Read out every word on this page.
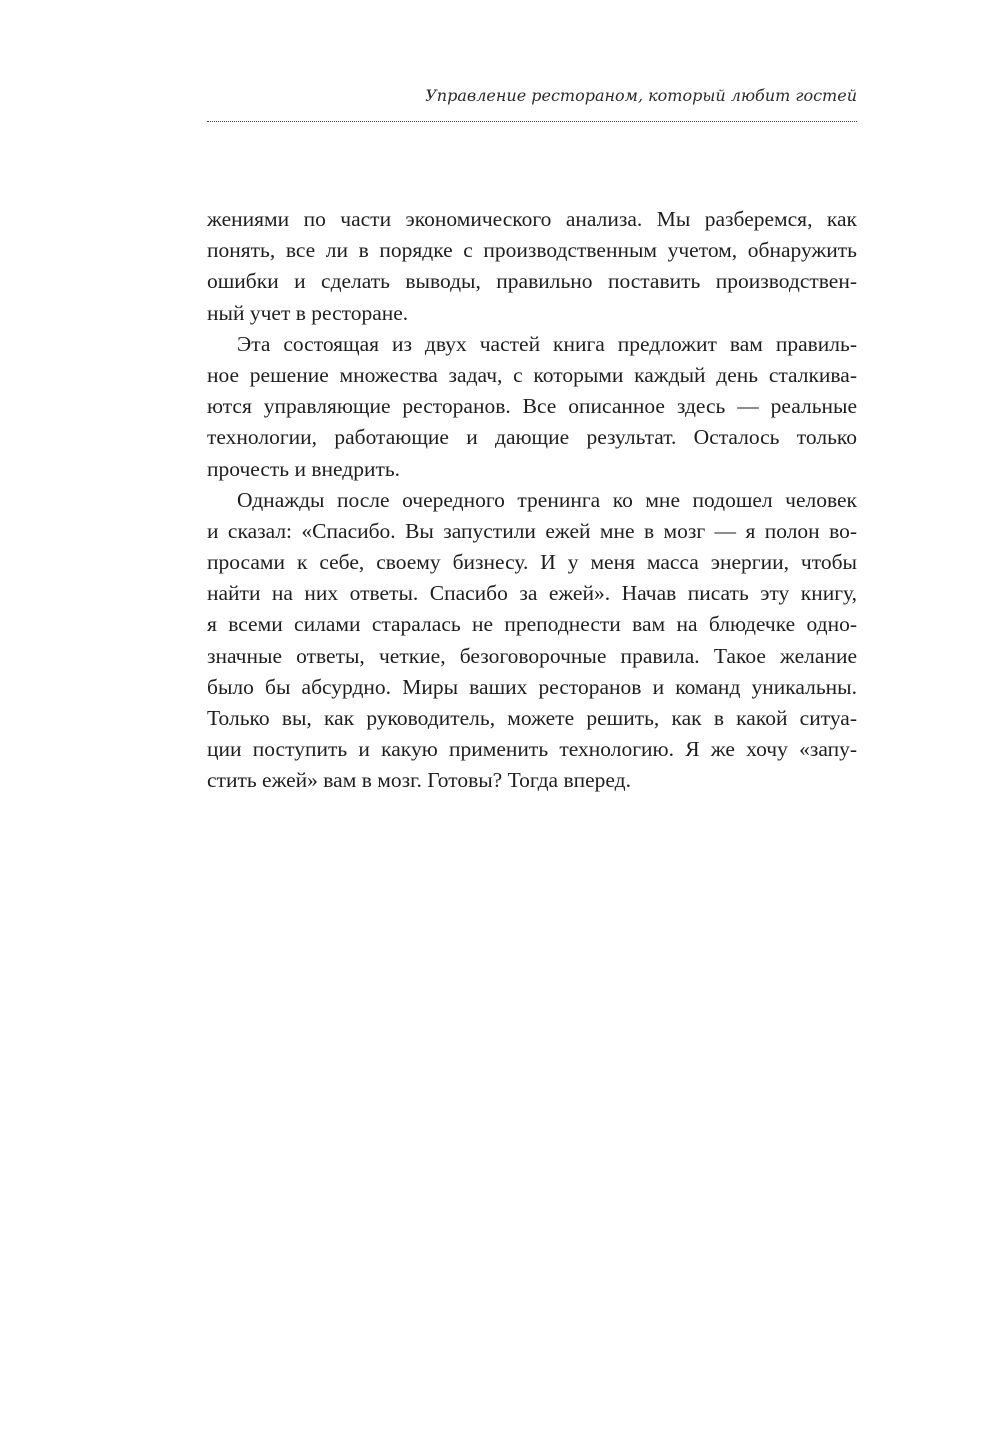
Управление рестораном, который любит гостей

жениями по части экономического анализа. Мы разберемся, как
понять, все ли в порядке с производственным учетом, обнаружить
ошибки и сделать выводы, правильно поставить производствен-
ный учет в ресторане.

Эта состоящая из двух частей книга предложит вам правиль-
ное решение множества задач, с которыми каждый день сталкива-
ются управляющие ресторанов. Все описанное здесь — реальные
технологии, работающие и дающие результат. Осталось только
прочесть и внедрить.

Однажды после очередного тренинга ко мне подошел человек
и сказал: «Спасибо. Вы запустили ежей мне в мозг — я полон во-
просами к себе, своему бизнесу. И у меня масса энергии, чтобы
найти на них ответы. Спасибо за ежей». Начав писать эту книгу,
я всеми силами старалась не преподнести вам на блюдечке одно-
значные ответы, четкие, безоговорочные правила. Такое желание
было бы абсурдно. Миры ваших ресторанов и команд уникальны.
Только вы, как руководитель, можете решить, как в какой ситуа-
ции поступить и какую применить технологию. Я же хочу «запу-
стить ежей» вам в мозг. Готовы? Тогда вперед.
